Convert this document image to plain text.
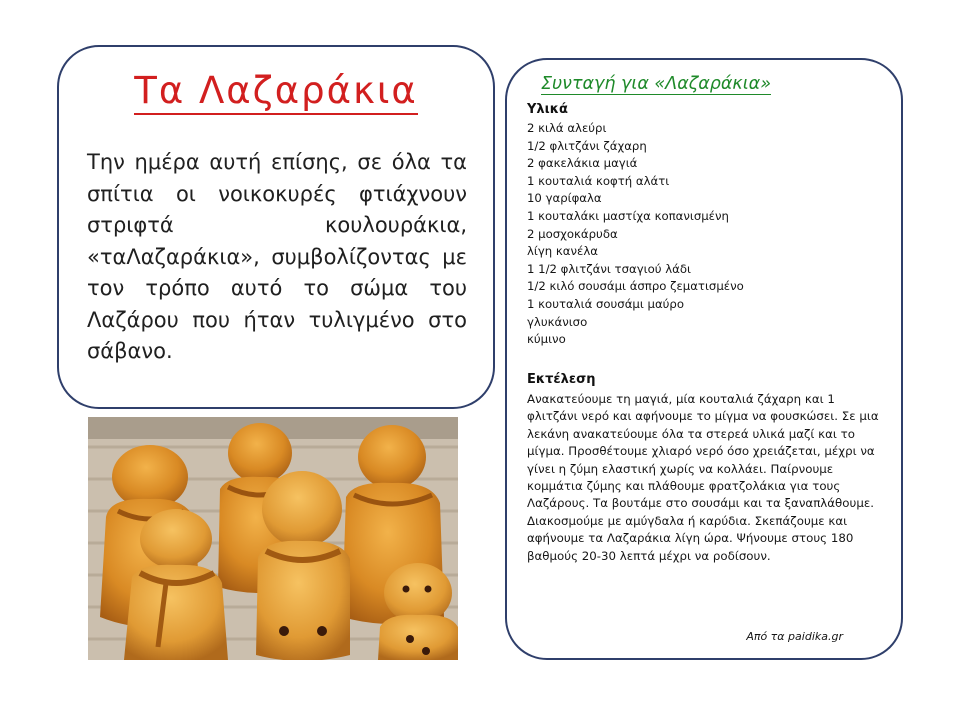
Τα Λαζαράκια

Την ημέρα αυτή επίσης, σε όλα τα σπίτια οι νοικοκυρές φτιάχνουν στριφτά κουλουράκια, «ταΛαζαράκια», συμβολίζοντας με τον τρόπο αυτό το σώμα του Λαζάρου που ήταν τυλιγμένο στο σάβανο.

Συνταγή για «Λαζαράκια»
Υλικά
2 κιλά αλεύρι
1/2 φλιτζάνι ζάχαρη
2 φακελάκια μαγιά
1 κουταλιά κοφτή αλάτι
10 γαρίφαλα
1 κουταλάκι μαστίχα κοπανισμένη
2 μοσχοκάρυδα
λίγη κανέλα
1 1/2 φλιτζάνι τσαγιού λάδι
1/2 κιλό σουσάμι άσπρο ζεματισμένο
1 κουταλιά σουσάμι μαύρο
γλυκάνισο
κύμινο
Εκτέλεση

Ανακατεύουμε τη μαγιά, μία κουταλιά ζάχαρη και 1 φλιτζάνι νερό και αφήνουμε το μίγμα να φουσκώσει. Σε μια λεκάνη ανακατεύουμε όλα τα στερεά υλικά μαζί και το μίγμα. Προσθέτουμε χλιαρό νερό όσο χρειάζεται, μέχρι να γίνει η ζύμη ελαστική χωρίς να κολλάει. Παίρνουμε κομμάτια ζύμης και πλάθουμε φρατζολάκια για τους Λαζάρους. Τα βουτάμε στο σουσάμι και τα ξαναπλάθουμε. Διακοσμούμε με αμύγδαλα ή καρύδια. Σκεπάζουμε και αφήνουμε τα Λαζαράκια λίγη ώρα. Ψήνουμε στους 180 βαθμούς 20-30 λεπτά μέχρι να ροδίσουν.

Από τα paidika.gr
